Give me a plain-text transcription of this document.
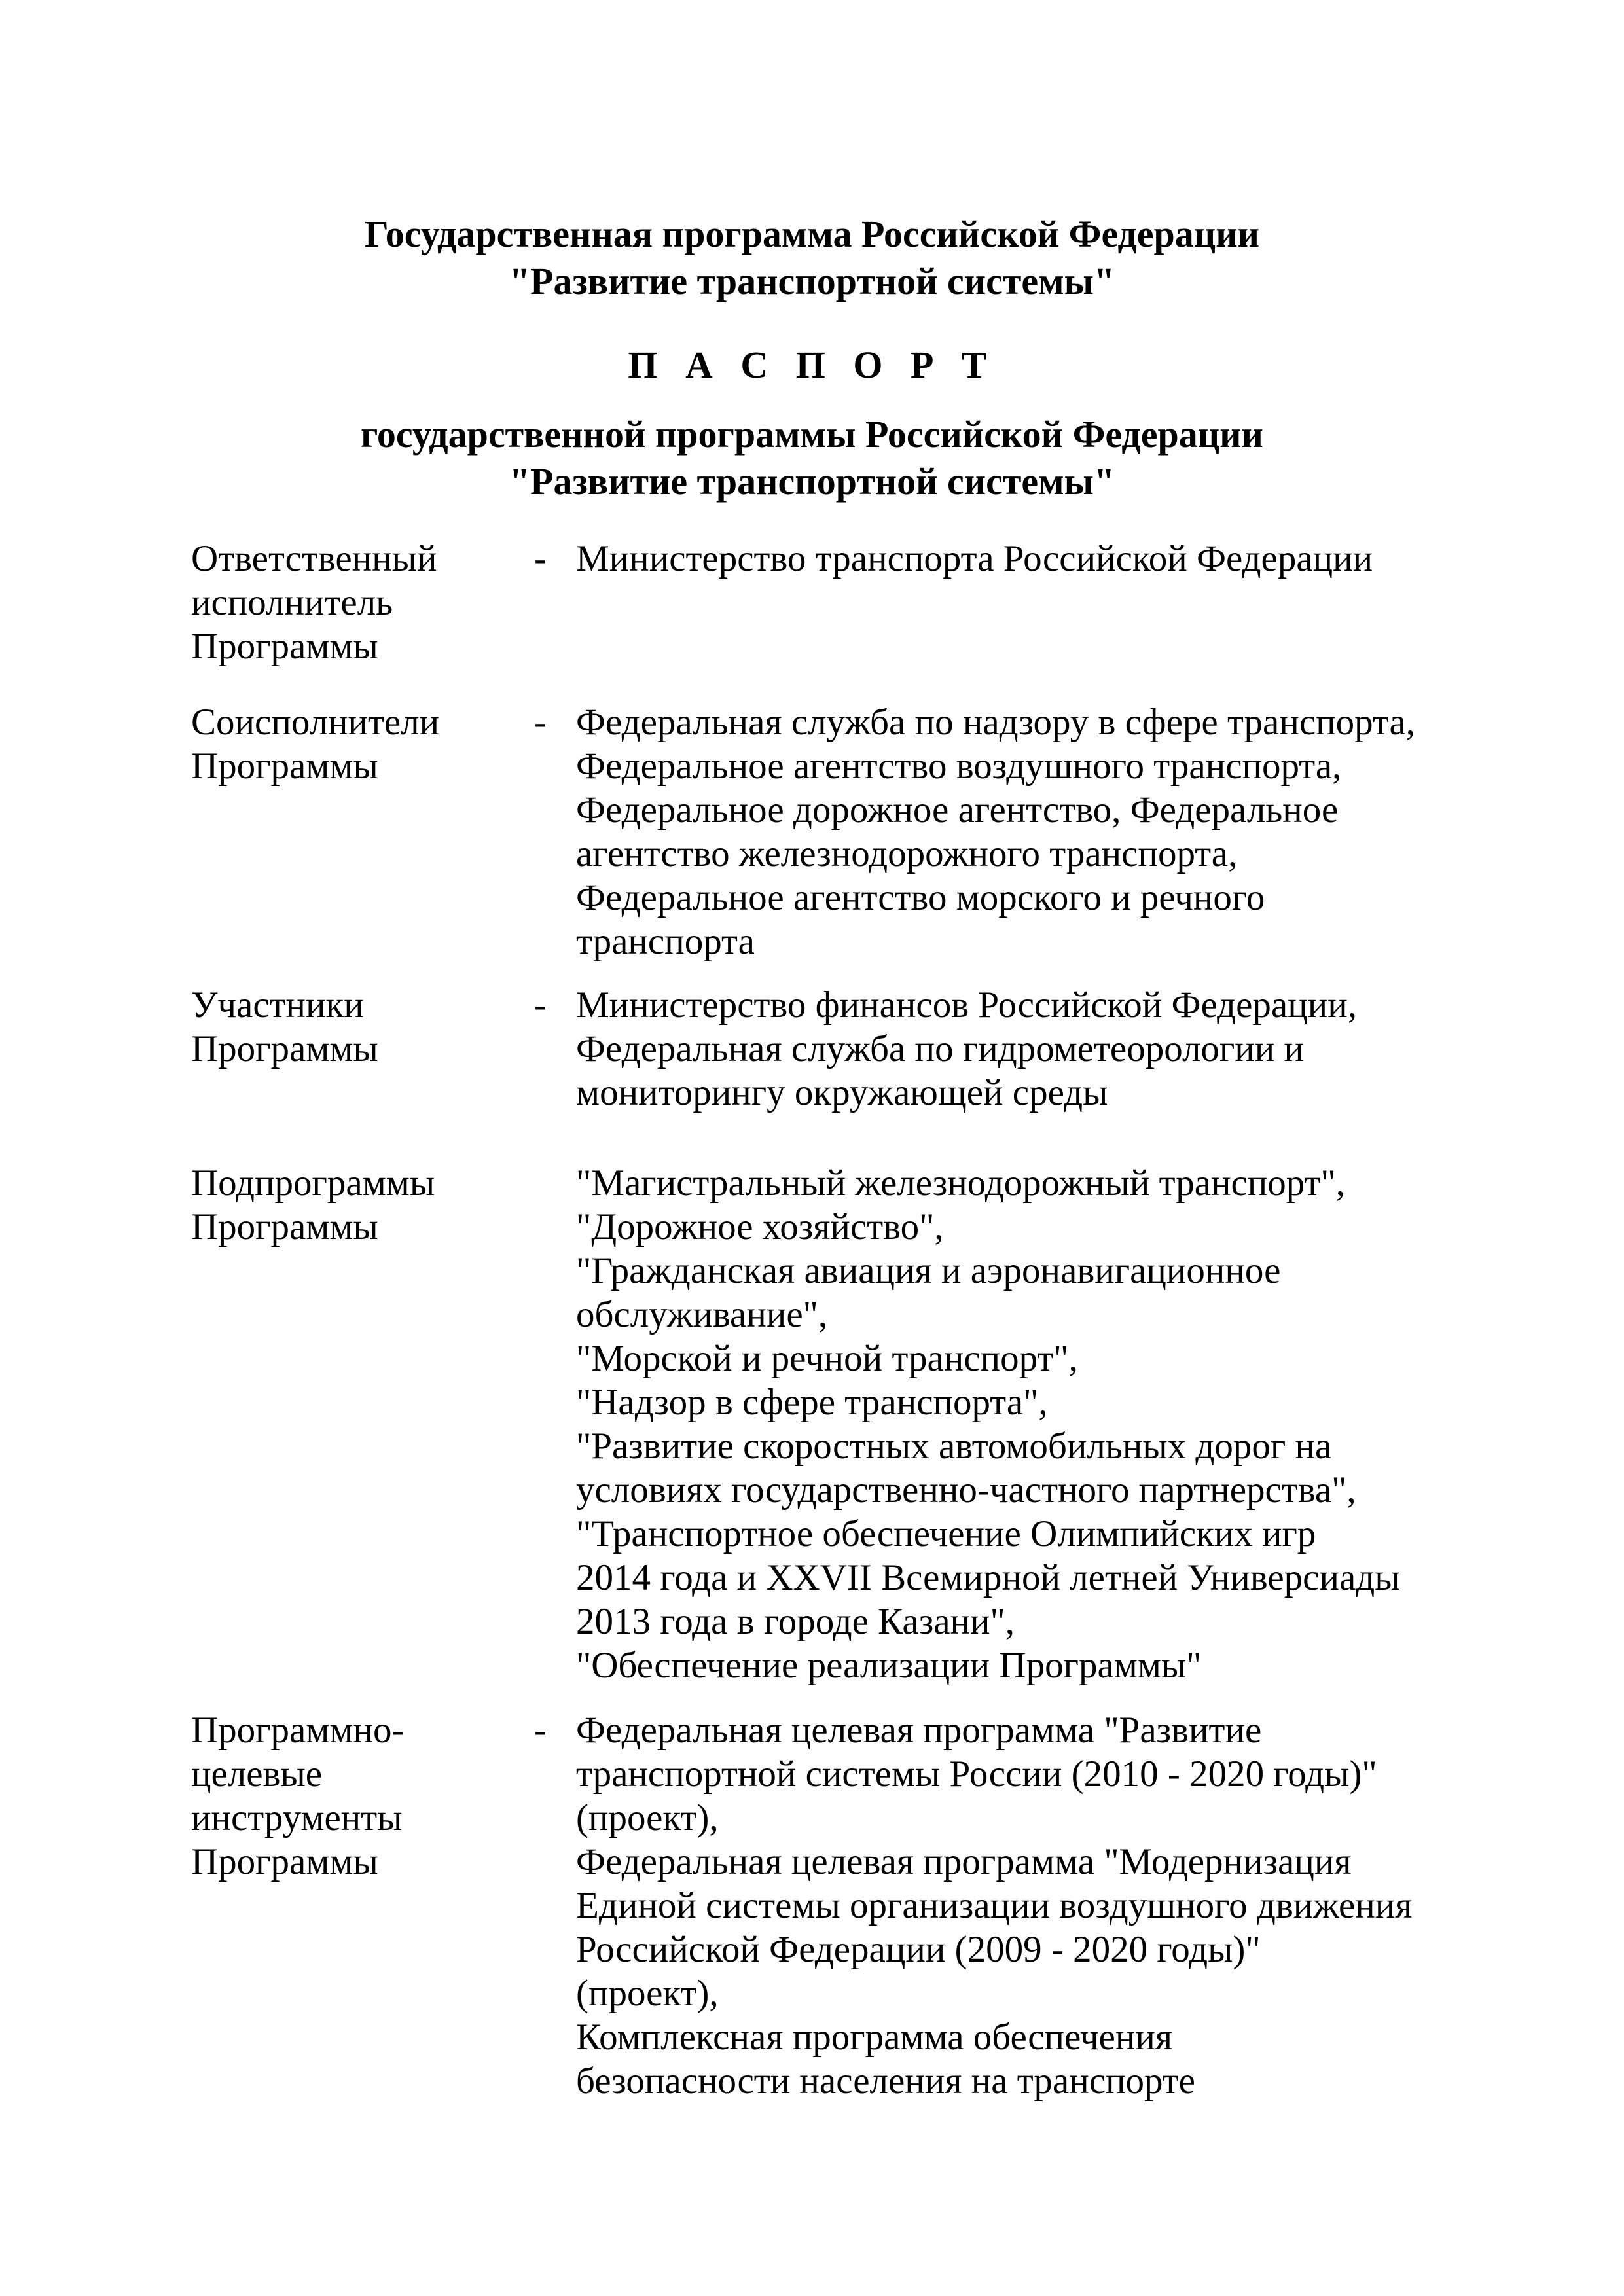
Государственная программа Российской Федерации
"Развитие транспортной системы"
П А С П О Р Т
государственной программы Российской Федерации
"Развитие транспортной системы"
Ответственный
исполнитель
Программы
- Министерство транспорта Российской Федерации
Соисполнители
Программы
- Федеральная служба по надзору в сфере транспорта,
Федеральное агентство воздушного транспорта,
Федеральное дорожное агентство, Федеральное
агентство железнодорожного транспорта,
Федеральное агентство морского и речного
транспорта
Участники
Программы
- Министерство финансов Российской Федерации,
Федеральная служба по гидрометеорологии и
мониторингу окружающей среды
Подпрограммы
Программы
"Магистральный железнодорожный транспорт",
"Дорожное хозяйство",
"Гражданская авиация и аэронавигационное
обслуживание",
"Морской и речной транспорт",
"Надзор в сфере транспорта",
"Развитие скоростных автомобильных дорог на
условиях государственно-частного партнерства",
"Транспортное обеспечение Олимпийских игр
2014 года и XXVII Всемирной летней Универсиады
2013 года в городе Казани",
"Обеспечение реализации Программы"
Программно-
целевые
инструменты
Программы
- Федеральная целевая программа "Развитие
транспортной системы России (2010 - 2020 годы)"
(проект),
Федеральная целевая программа "Модернизация
Единой системы организации воздушного движения
Российской Федерации (2009 - 2020 годы)"
(проект),
Комплексная программа обеспечения
безопасности населения на транспорте
